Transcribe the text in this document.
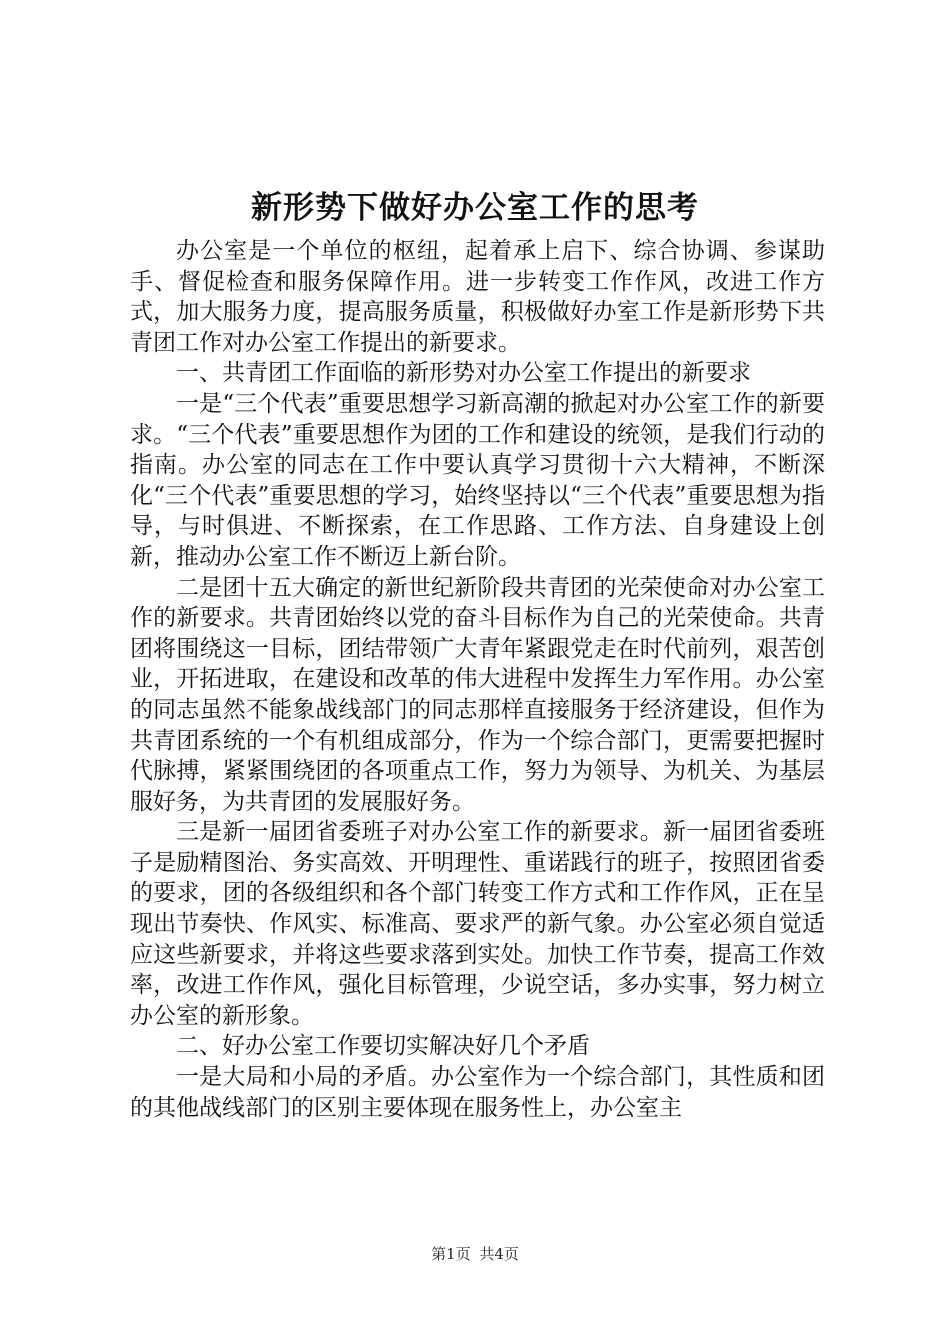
新形势下做好办公室工作的思考

办公室是一个单位的枢纽，起着承上启下、综合协调、参谋助手、督促检查和服务保障作用。进一步转变工作作风，改进工作方式，加大服务力度，提高服务质量，积极做好办室工作是新形势下共青团工作对办公室工作提出的新要求。

一、共青团工作面临的新形势对办公室工作提出的新要求

一是“三个代表”重要思想学习新高潮的掀起对办公室工作的新要求。“三个代表”重要思想作为团的工作和建设的统领，是我们行动的指南。办公室的同志在工作中要认真学习贯彻十六大精神，不断深化“三个代表”重要思想的学习，始终坚持以“三个代表”重要思想为指导，与时俱进、不断探索，在工作思路、工作方法、自身建设上创新，推动办公室工作不断迈上新台阶。

二是团十五大确定的新世纪新阶段共青团的光荣使命对办公室工作的新要求。共青团始终以党的奋斗目标作为自己的光荣使命。共青团将围绕这一目标，团结带领广大青年紧跟党走在时代前列，艰苦创业，开拓进取，在建设和改革的伟大进程中发挥生力军作用。办公室的同志虽然不能象战线部门的同志那样直接服务于经济建设，但作为共青团系统的一个有机组成部分，作为一个综合部门，更需要把握时代脉搏，紧紧围绕团的各项重点工作，努力为领导、为机关、为基层服好务，为共青团的发展服好务。

三是新一届团省委班子对办公室工作的新要求。新一届团省委班子是励精图治、务实高效、开明理性、重诺践行的班子，按照团省委的要求，团的各级组织和各个部门转变工作方式和工作作风，正在呈现出节奏快、作风实、标准高、要求严的新气象。办公室必须自觉适应这些新要求，并将这些要求落到实处。加快工作节奏，提高工作效率，改进工作作风，强化目标管理，少说空话，多办实事，努力树立办公室的新形象。

二、好办公室工作要切实解决好几个矛盾

一是大局和小局的矛盾。办公室作为一个综合部门，其性质和团的其他战线部门的区别主要体现在服务性上，办公室主

第1页 共4页
